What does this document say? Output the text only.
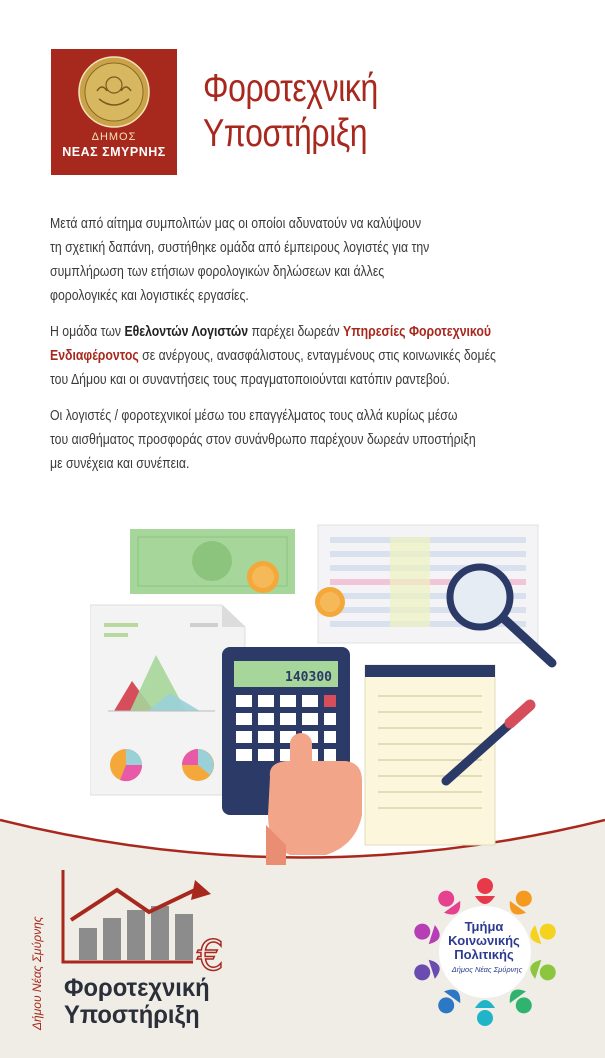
ΔΗΜΟΣ
ΝΕΑΣ ΣΜΥΡΝΗΣ
Φοροτεχνική
Υποστήριξη
Μετά από αίτημα συμπολιτών μας οι οποίοι αδυνατούν να καλύψουν
τη σχετική δαπάνη, συστήθηκε ομάδα από έμπειρους λογιστές για την
συμπλήρωση των ετήσιων φορολογικών δηλώσεων και άλλες
φορολογικές και λογιστικές εργασίες.
Η ομάδα των Εθελοντών Λογιστών παρέχει δωρεάν Υπηρεσίες Φοροτεχνικού
Ενδιαφέροντος σε ανέργους, ανασφάλιστους, ενταγμένους στις κοινωνικές δομές
του Δήμου και οι συναντήσεις τους πραγματοποιούνται κατόπιν ραντεβού.
Οι λογιστές / φοροτεχνικοί μέσω του επαγγέλματος τους αλλά κυρίως μέσω
του αισθήματος προσφοράς στον συνάνθρωπο παρέχουν δωρεάν υποστήριξη
με συνέχεια και συνέπεια.
140300
€
Δήμου Νέας Σμύρνης Φοροτεχνική
Υποστήριξη
Τμήμα
Κοινωνικής
Πολιτικής
Δήμος Νέας Σμύρνης
